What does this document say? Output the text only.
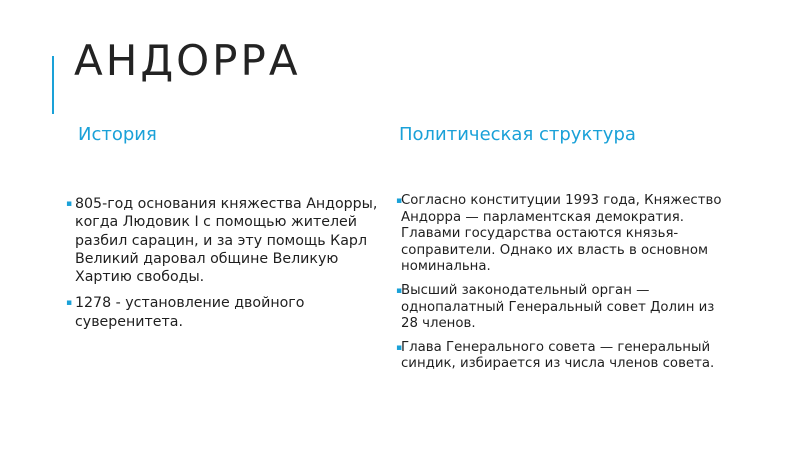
АНДОРРА
История
▪ 805-год основания княжества Андорры, когда Людовик I с помощью жителей разбил сарацин, и за эту помощь Карл Великий даровал общине Великую Хартию свободы.
▪ 1278 - установление двойного суверенитета.
Политическая структура
▪
Согласно конституции 1993 года, Княжество Андорра — парламентская демократия. Главами государства остаются князья-соправители. Однако их власть в основном номинальна.
▪
Высший законодательный орган — однопалатный Генеральный совет Долин из 28 членов.
▪
Глава Генерального совета — генеральный синдик, избирается из числа членов совета.
